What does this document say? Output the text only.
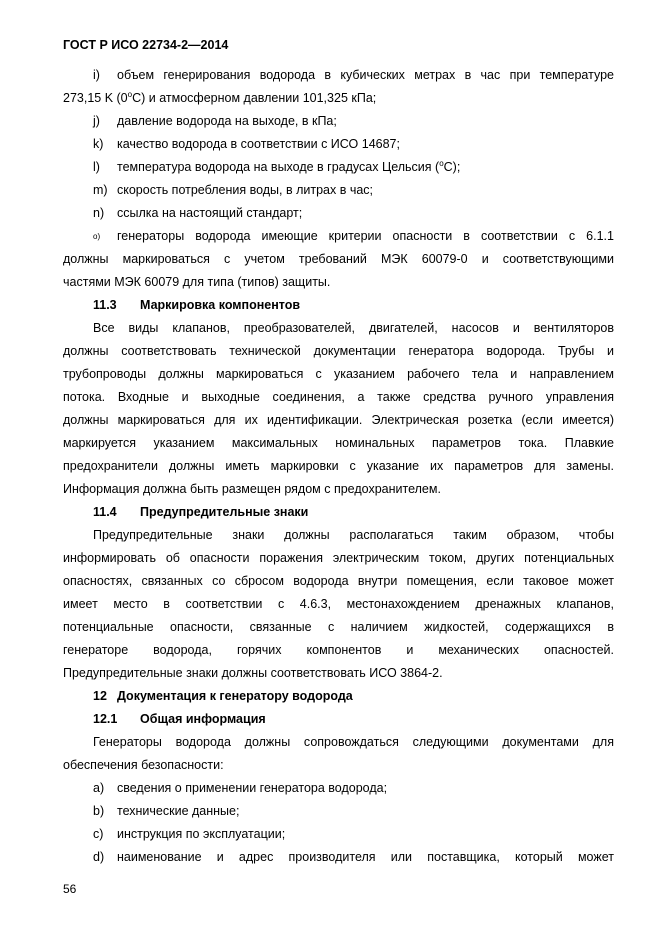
ГОСТ Р ИСО 22734-2—2014
i) объем генерирования водорода в кубических метрах в час при температуре
273,15 K (0$^o$C) и атмосферном давлении 101,325 кПа;
j) давление водорода на выходе, в кПа;
k) качество водорода в соответствии с ИСО 14687;
l) температура водорода на выходе в градусах Цельсия ($^o$C);
m) скорость потребления воды, в литрах в час;
n) ссылка на настоящий стандарт;
o) генераторы водорода имеющие критерии опасности в соответствии с 6.1.1
должны маркироваться с учетом требований МЭК 60079-0 и соответствующими
частями МЭК 60079 для типа (типов) защиты.
11.3 Маркировка компонентов
Все виды клапанов, преобразователей, двигателей, насосов и вентиляторов
должны соответствовать технической документации генератора водорода. Трубы и
трубопроводы должны маркироваться с указанием рабочего тела и направлением
потока. Входные и выходные соединения, а также средства ручного управления
должны маркироваться для их идентификации. Электрическая розетка (если имеется)
маркируется указанием максимальных номинальных параметров тока. Плавкие
предохранители должны иметь маркировки с указание их параметров для замены.
Информация должна быть размещен рядом с предохранителем.
11.4 Предупредительные знаки
Предупредительные знаки должны располагаться таким образом, чтобы
информировать об опасности поражения электрическим током, других потенциальных
опасностях, связанных со сбросом водорода внутри помещения, если таковое может
имеет место в соответствии с 4.6.3, местонахождением дренажных клапанов,
потенциальные опасности, связанные с наличием жидкостей, содержащихся в
генераторе водорода, горячих компонентов и механических опасностей.
Предупредительные знаки должны соответствовать ИСО 3864-2.
12 Документация к генератору водорода
12.1 Общая информация
Генераторы водорода должны сопровождаться следующими документами для
обеспечения безопасности:
a) сведения о применении генератора водорода;
b) технические данные;
c) инструкция по эксплуатации;
d) наименование и адрес производителя или поставщика, который может
56
